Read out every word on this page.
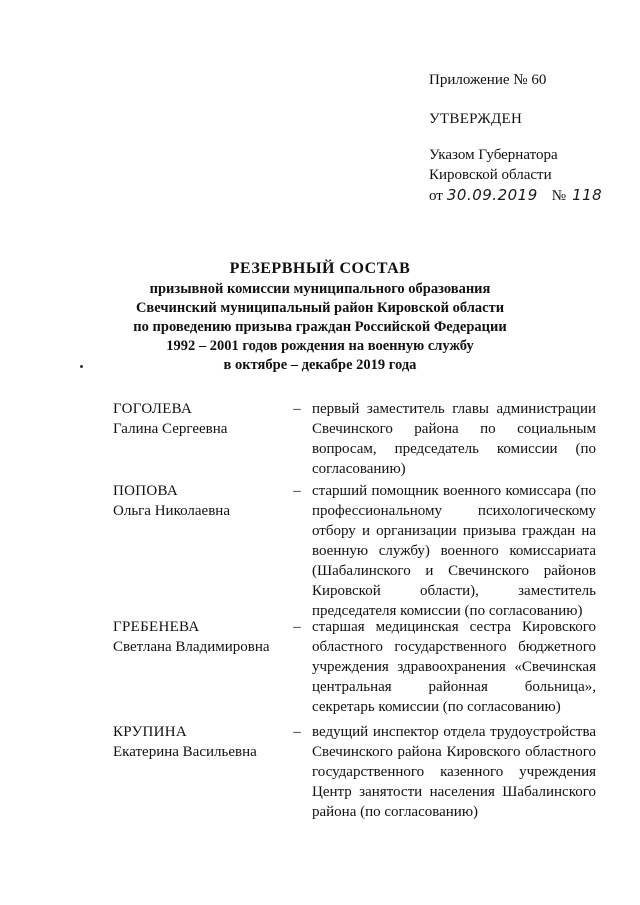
Приложение № 60
УТВЕРЖДЕН
Указом Губернатора
Кировской области
от 30.09.2019 № 118
РЕЗЕРВНЫЙ СОСТАВ
призывной комиссии муниципального образования
Свечинский муниципальный район Кировской области
по проведению призыва граждан Российской Федерации
1992 – 2001 годов рождения на военную службу
в октябре – декабре 2019 года
ГОГОЛЕВА
Галина Сергеевна
– первый заместитель главы администрации Свечинского района по социальным вопросам, председатель комиссии (по согласованию)
ПОПОВА
Ольга Николаевна
– старший помощник военного комиссара (по профессиональному психологическому отбору и организации призыва граждан на военную службу) военного комиссариата (Шабалинского и Свечинского районов Кировской области), заместитель председателя комиссии (по согласованию)
ГРЕБЕНЕВА
Светлана Владимировна
– старшая медицинская сестра Кировского областного государственного бюджетного учреждения здравоохранения «Свечинская центральная районная больница», секретарь комиссии (по согласованию)
КРУПИНА
Екатерина Васильевна
– ведущий инспектор отдела трудоустройства Свечинского района Кировского областного государственного казенного учреждения Центр занятости населения Шабалинского района (по согласованию)
